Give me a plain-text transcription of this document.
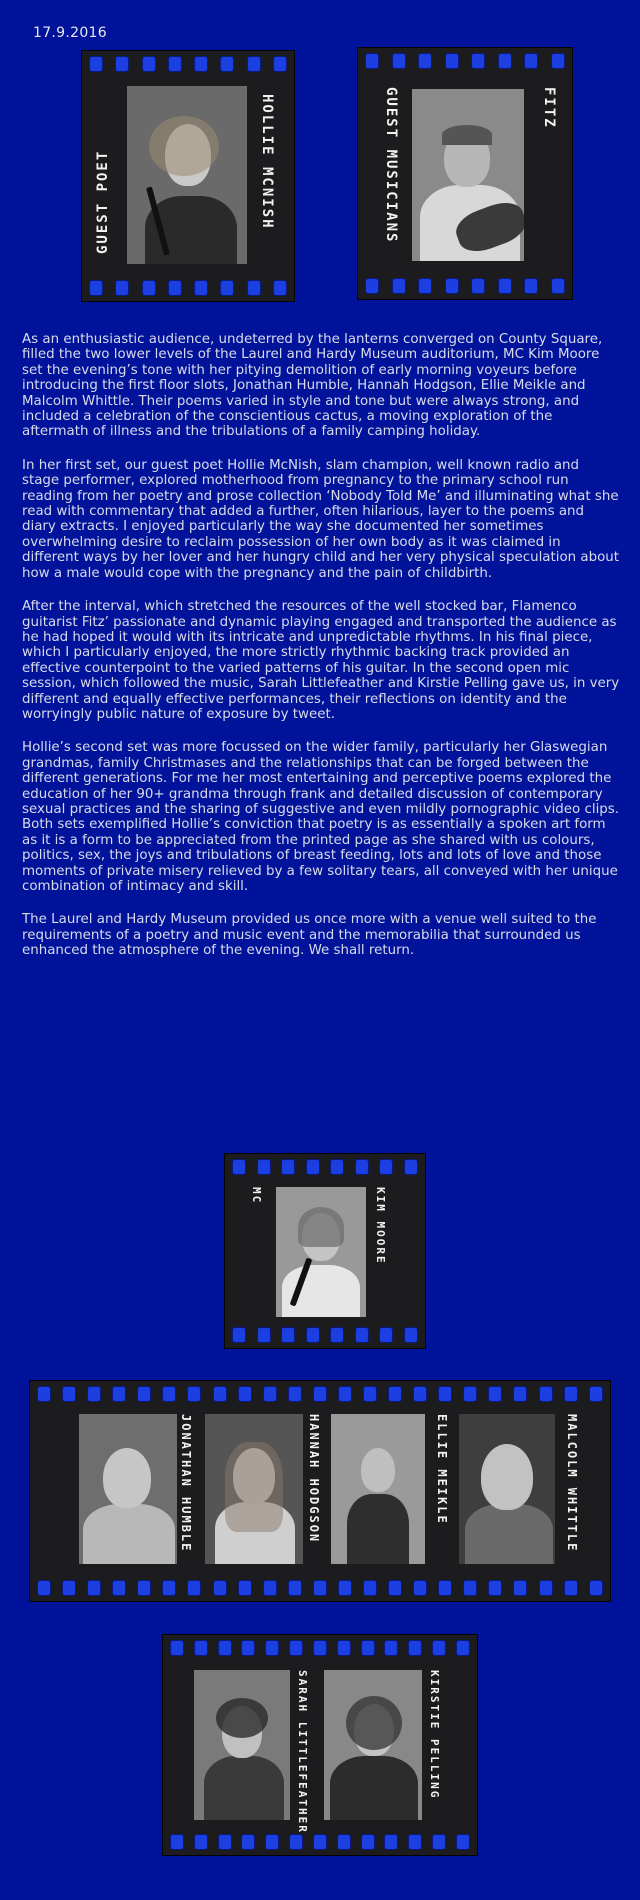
17.9.2016
GUEST POET	HOLLIE MCNISH	GUEST MUSICIANS	FITZ

As an enthusiastic audience, undeterred by the lanterns converged on County Square, filled the two lower levels of the Laurel and Hardy Museum auditorium, MC Kim Moore set the evening’s tone with her pitying demolition of early morning voyeurs before introducing the first floor slots, Jonathan Humble, Hannah Hodgson, Ellie Meikle and Malcolm Whittle. Their poems varied in style and tone but were always strong, and included a celebration of the conscientious cactus, a moving exploration of the aftermath of illness and the tribulations of a family camping holiday.

In her first set, our guest poet Hollie McNish, slam champion, well known radio and stage performer, explored motherhood from pregnancy to the primary school run reading from her poetry and prose collection ‘Nobody Told Me’ and illuminating what she read with commentary that added a further, often hilarious, layer to the poems and diary extracts. I enjoyed particularly the way she documented her sometimes overwhelming desire to reclaim possession of her own body as it was claimed in different ways by her lover and her hungry child and her very physical speculation about how a male would cope with the pregnancy and the pain of childbirth.

After the interval, which stretched the resources of the well stocked bar, Flamenco guitarist Fitz’ passionate and dynamic playing engaged and transported the audience as he had hoped it would with its intricate and unpredictable rhythms. In his final piece, which I particularly enjoyed, the more strictly rhythmic backing track provided an effective counterpoint to the varied patterns of his guitar. In the second open mic session, which followed the music, Sarah Littlefeather and Kirstie Pelling gave us, in very different and equally effective performances, their reflections on identity and the worryingly public nature of exposure by tweet.

Hollie’s second set was more focussed on the wider family, particularly her Glaswegian grandmas, family Christmases and the relationships that can be forged between the different generations. For me her most entertaining and perceptive poems explored the education of her 90+ grandma through frank and detailed discussion of contemporary sexual practices and the sharing of suggestive and even mildly pornographic video clips. Both sets exemplified Hollie’s conviction that poetry is as essentially a spoken art form as it is a form to be appreciated from the printed page as she shared with us colours, politics, sex, the joys and tribulations of breast feeding, lots and lots of love and those moments of private misery relieved by a few solitary tears, all conveyed with her unique combination of intimacy and skill.

The Laurel and Hardy Museum provided us once more with a venue well suited to the requirements of a poetry and music event and the memorabilia that surrounded us enhanced the atmosphere of the evening. We shall return.

MC	KIM MOORE
JONATHAN HUMBLE	HANNAH HODGSON	ELLIE MEIKLE	MALCOLM WHITTLE
SARAH LITTLEFEATHER	KIRSTIE PELLING
